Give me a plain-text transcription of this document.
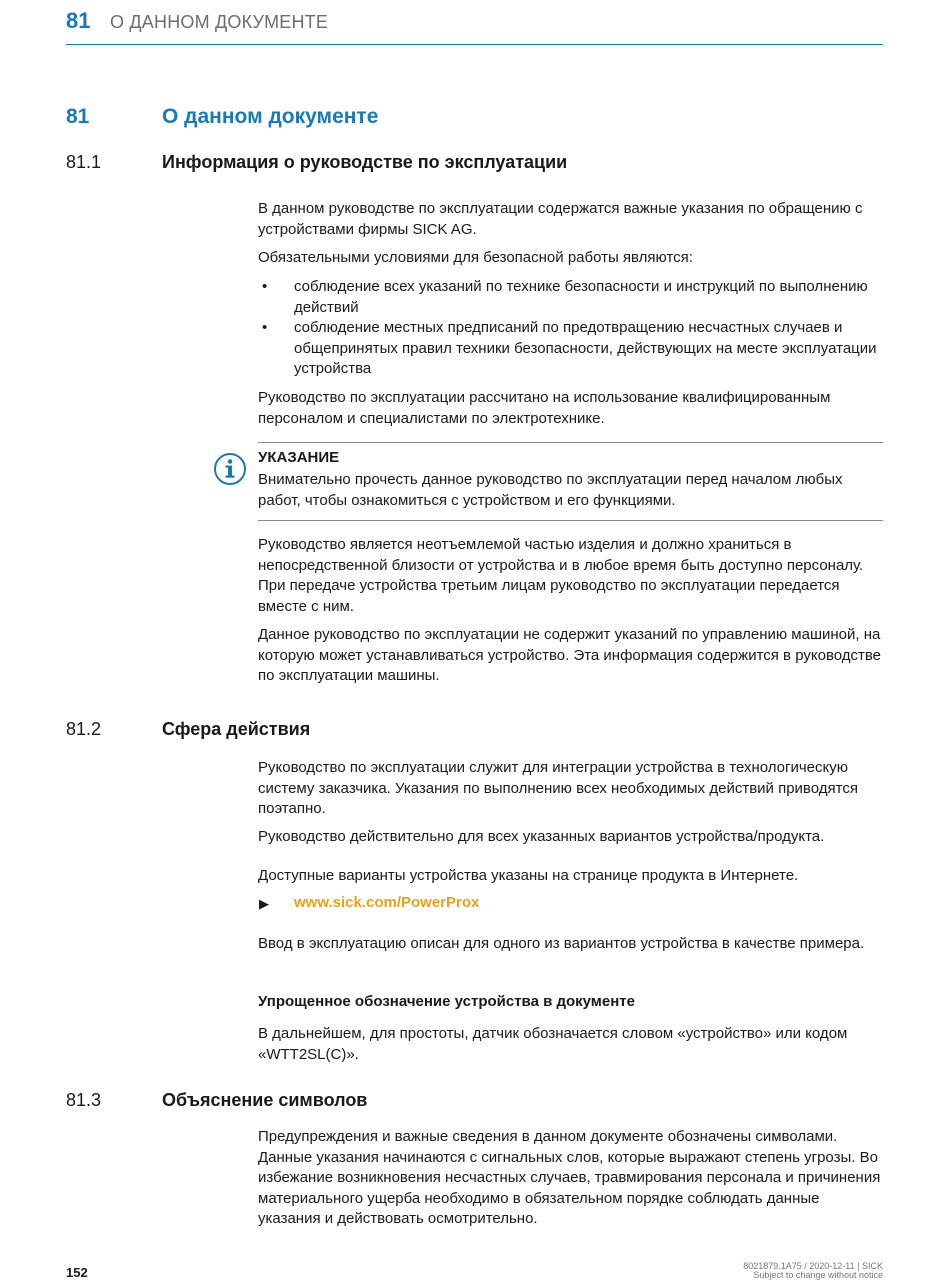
81 О ДАННОМ ДОКУМЕНТЕ
81	О данном документе
81.1	Информация о руководстве по эксплуатации
В данном руководстве по эксплуатации содержатся важные указания по обращению с устройствами фирмы SICK AG.
Обязательными условиями для безопасной работы являются:
• соблюдение всех указаний по технике безопасности и инструкций по выполнению действий
• соблюдение местных предписаний по предотвращению несчастных случаев и общепринятых правил техники безопасности, действующих на месте эксплуатации устройства
Руководство по эксплуатации рассчитано на использование квалифицированным персоналом и специалистами по электротехнике.
УКАЗАНИЕ
Внимательно прочесть данное руководство по эксплуатации перед началом любых работ, чтобы ознакомиться с устройством и его функциями.
Руководство является неотъемлемой частью изделия и должно храниться в непосредственной близости от устройства и в любое время быть доступно персоналу. При передаче устройства третьим лицам руководство по эксплуатации передается вместе с ним.
Данное руководство по эксплуатации не содержит указаний по управлению машиной, на которую может устанавливаться устройство. Эта информация содержится в руководстве по эксплуатации машины.
81.2	Сфера действия
Руководство по эксплуатации служит для интеграции устройства в технологическую систему заказчика. Указания по выполнению всех необходимых действий приводятся поэтапно.
Руководство действительно для всех указанных вариантов устройства/продукта.
Доступные варианты устройства указаны на странице продукта в Интернете.
▶ www.sick.com/PowerProx
Ввод в эксплуатацию описан для одного из вариантов устройства в качестве примера.
Упрощенное обозначение устройства в документе
В дальнейшем, для простоты, датчик обозначается словом «устройство» или кодом «WTT2SL(C)».
81.3	Объяснение символов
Предупреждения и важные сведения в данном документе обозначены символами. Данные указания начинаются с сигнальных слов, которые выражают степень угрозы. Во избежание возникновения несчастных случаев, травмирования персонала и причинения материального ущерба необходимо в обязательном порядке соблюдать данные указания и действовать осмотрительно.
152	8021879.1A75 / 2020-12-11 | SICK
Subject to change without notice
